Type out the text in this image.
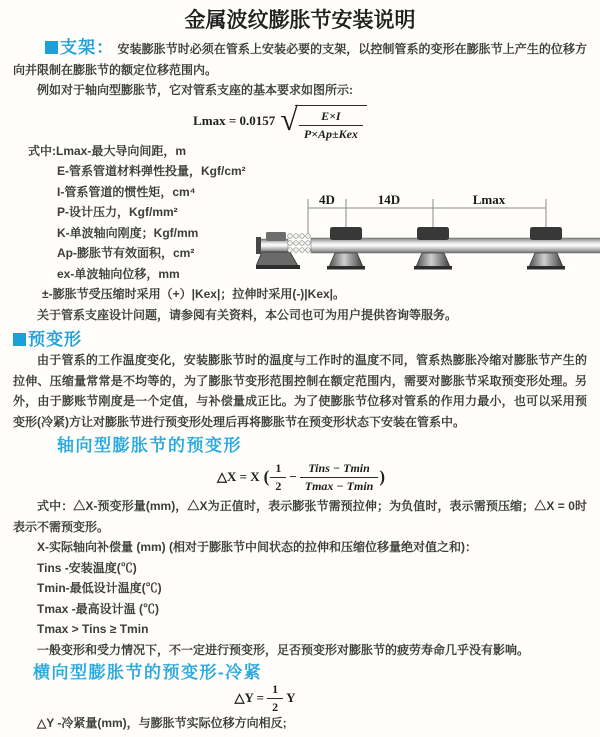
金属波纹膨胀节安装说明

支架： 安装膨胀节时必须在管系上安装必要的支架，以控制管系的变形在膨胀节上产生的位移方向并限制在膨胀节的额定位移范围内。

例如对于轴向型膨胀节，它对管系支座的基本要求如图所示:

Lmax = 0.0157 √ $\frac{E\times I}{\text{P×Ap±Kex}}$
式中:Lmax-最大导向间距，m
E-管系管道材料弹性投量，Kgf/cm²
I-管系管道的惯性矩，cm⁴
P-设计压力，Kgf/mm²
K-单波轴向刚度；Kgf/mm
Ap-膨胀节有效面积，cm²
ex-单波轴向位移，mm
±-膨胀节受压缩时采用（+）|Kex|；拉伸时采用(-)|Kex|。
4D	14D	Lmax

关于管系支座设计问题，请参阅有关资料，本公司也可为用户提供咨询等服务。

预变形

由于管系的工作温度变化，安装膨胀节时的温度与工作时的温度不同，管系热膨胀冷缩对膨胀节产生的拉伸、压缩量常常是不均等的，为了膨胀节变形范围控制在额定范围内，需要对膨胀节采取预变形处理。另外，由于膨账节刚度是一个定值，与补偿量成正比。为了使膨胀节位移对管系的作用力最小，也可以采用预变形(冷紧)方让对膨胀节进行预变形处理后再将膨胀节在预变形状态下安装在管系中。

轴向型膨胀节的预变形
△X = X ( $\frac{1}{2} - \frac{\text{Tins − Tmin}}{Tmax - Tmin}$ )

式中：△X-预变形量(mm)，△X为正值时，表示膨张节需预拉伸；为负值时，表示需预压缩；△X = 0时表示不需预变形。

X-实际轴向补偿量 (mm) (相对于膨胀节中间状态的拉伸和压缩位移量绝对值之和)：

Tins -安装温度(℃)

Tmin-最低设计温度(℃)

Tmax -最高设计温 (℃)

Tmax > Tins ≥ Tmin

一般变形和受力情况下，不一定进行预变形，足否预变形对膨胀节的疲劳寿命几乎没有影响。

横向型膨胀节的预变形-冷紧
△Y = $\frac{1}{2}$ Y

△Y -冷紧量(mm)，与膨胀节实际位移方向相反;
